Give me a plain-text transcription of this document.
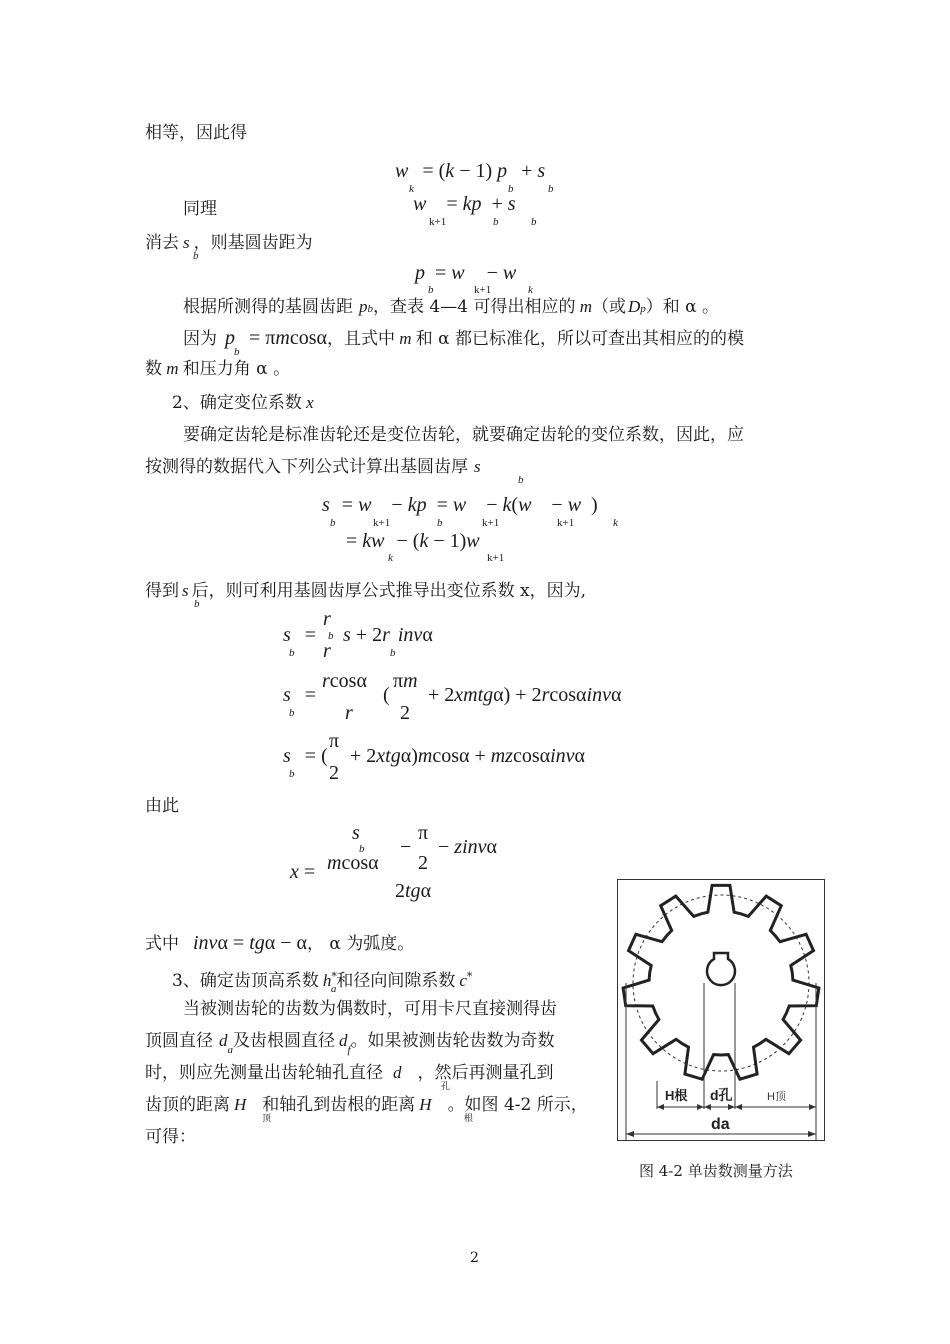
相等，因此得
w = (k − 1) p + s
k	b	b
同理	w = kp + s
k+1	b	b
消去 s ，则基圆齿距为
b
p = w − w
b	k+1	k
根据所测得的基圆齿距 pb，查表 4—4 可得出相应的 m（或 Dp）和 α 。
因为 p = πmcosα，且式中 m 和 α 都已标准化，所以可查出其相应的的模
b
数 m 和压力角 α 。
2、确定变位系数 x
要确定齿轮是标准齿轮还是变位齿轮，就要确定齿轮的变位系数，因此，应
按测得的数据代入下列公式计算出基圆齿厚 s
b
s = w − kp = w − k(w − w )
b	k+1	b	k+1	k+1	k
= kw − (k − 1)w
k	k+1
得到 s 后，则可利用基圆齿厚公式推导出变位系数 x，因为,
b
s =
b
r
b
r
s + 2r invα
b
s =
b
rcosα
r
(
πm
2
+ 2xmtgα) + 2rcosαinvα
s = (
b
π
2
+ 2xtgα)mcosα + mzcosαinvα
由此
x =
s
b
mcosα
−
π
2
− zinvα
2tgα
式中 invα = tgα − α， α 为弧度。
3、确定齿顶高系数 $h^*_a$和径向间隙系数 c*
当被测齿轮的齿数为偶数时，可用卡尺直接测得齿
顶圆直径 $d_a$及齿根圆直径 $d_f$。如果被测齿轮齿数为奇数
时，则应先测量出齿轮轴孔直径 d ，然后再测量孔到
孔
齿顶的距离 H 和轴孔到齿根的距离 H 。如图 4-2 所示，
顶	根
可得：
H根 d孔	H顶
da
图 4-2 单齿数测量方法
2
